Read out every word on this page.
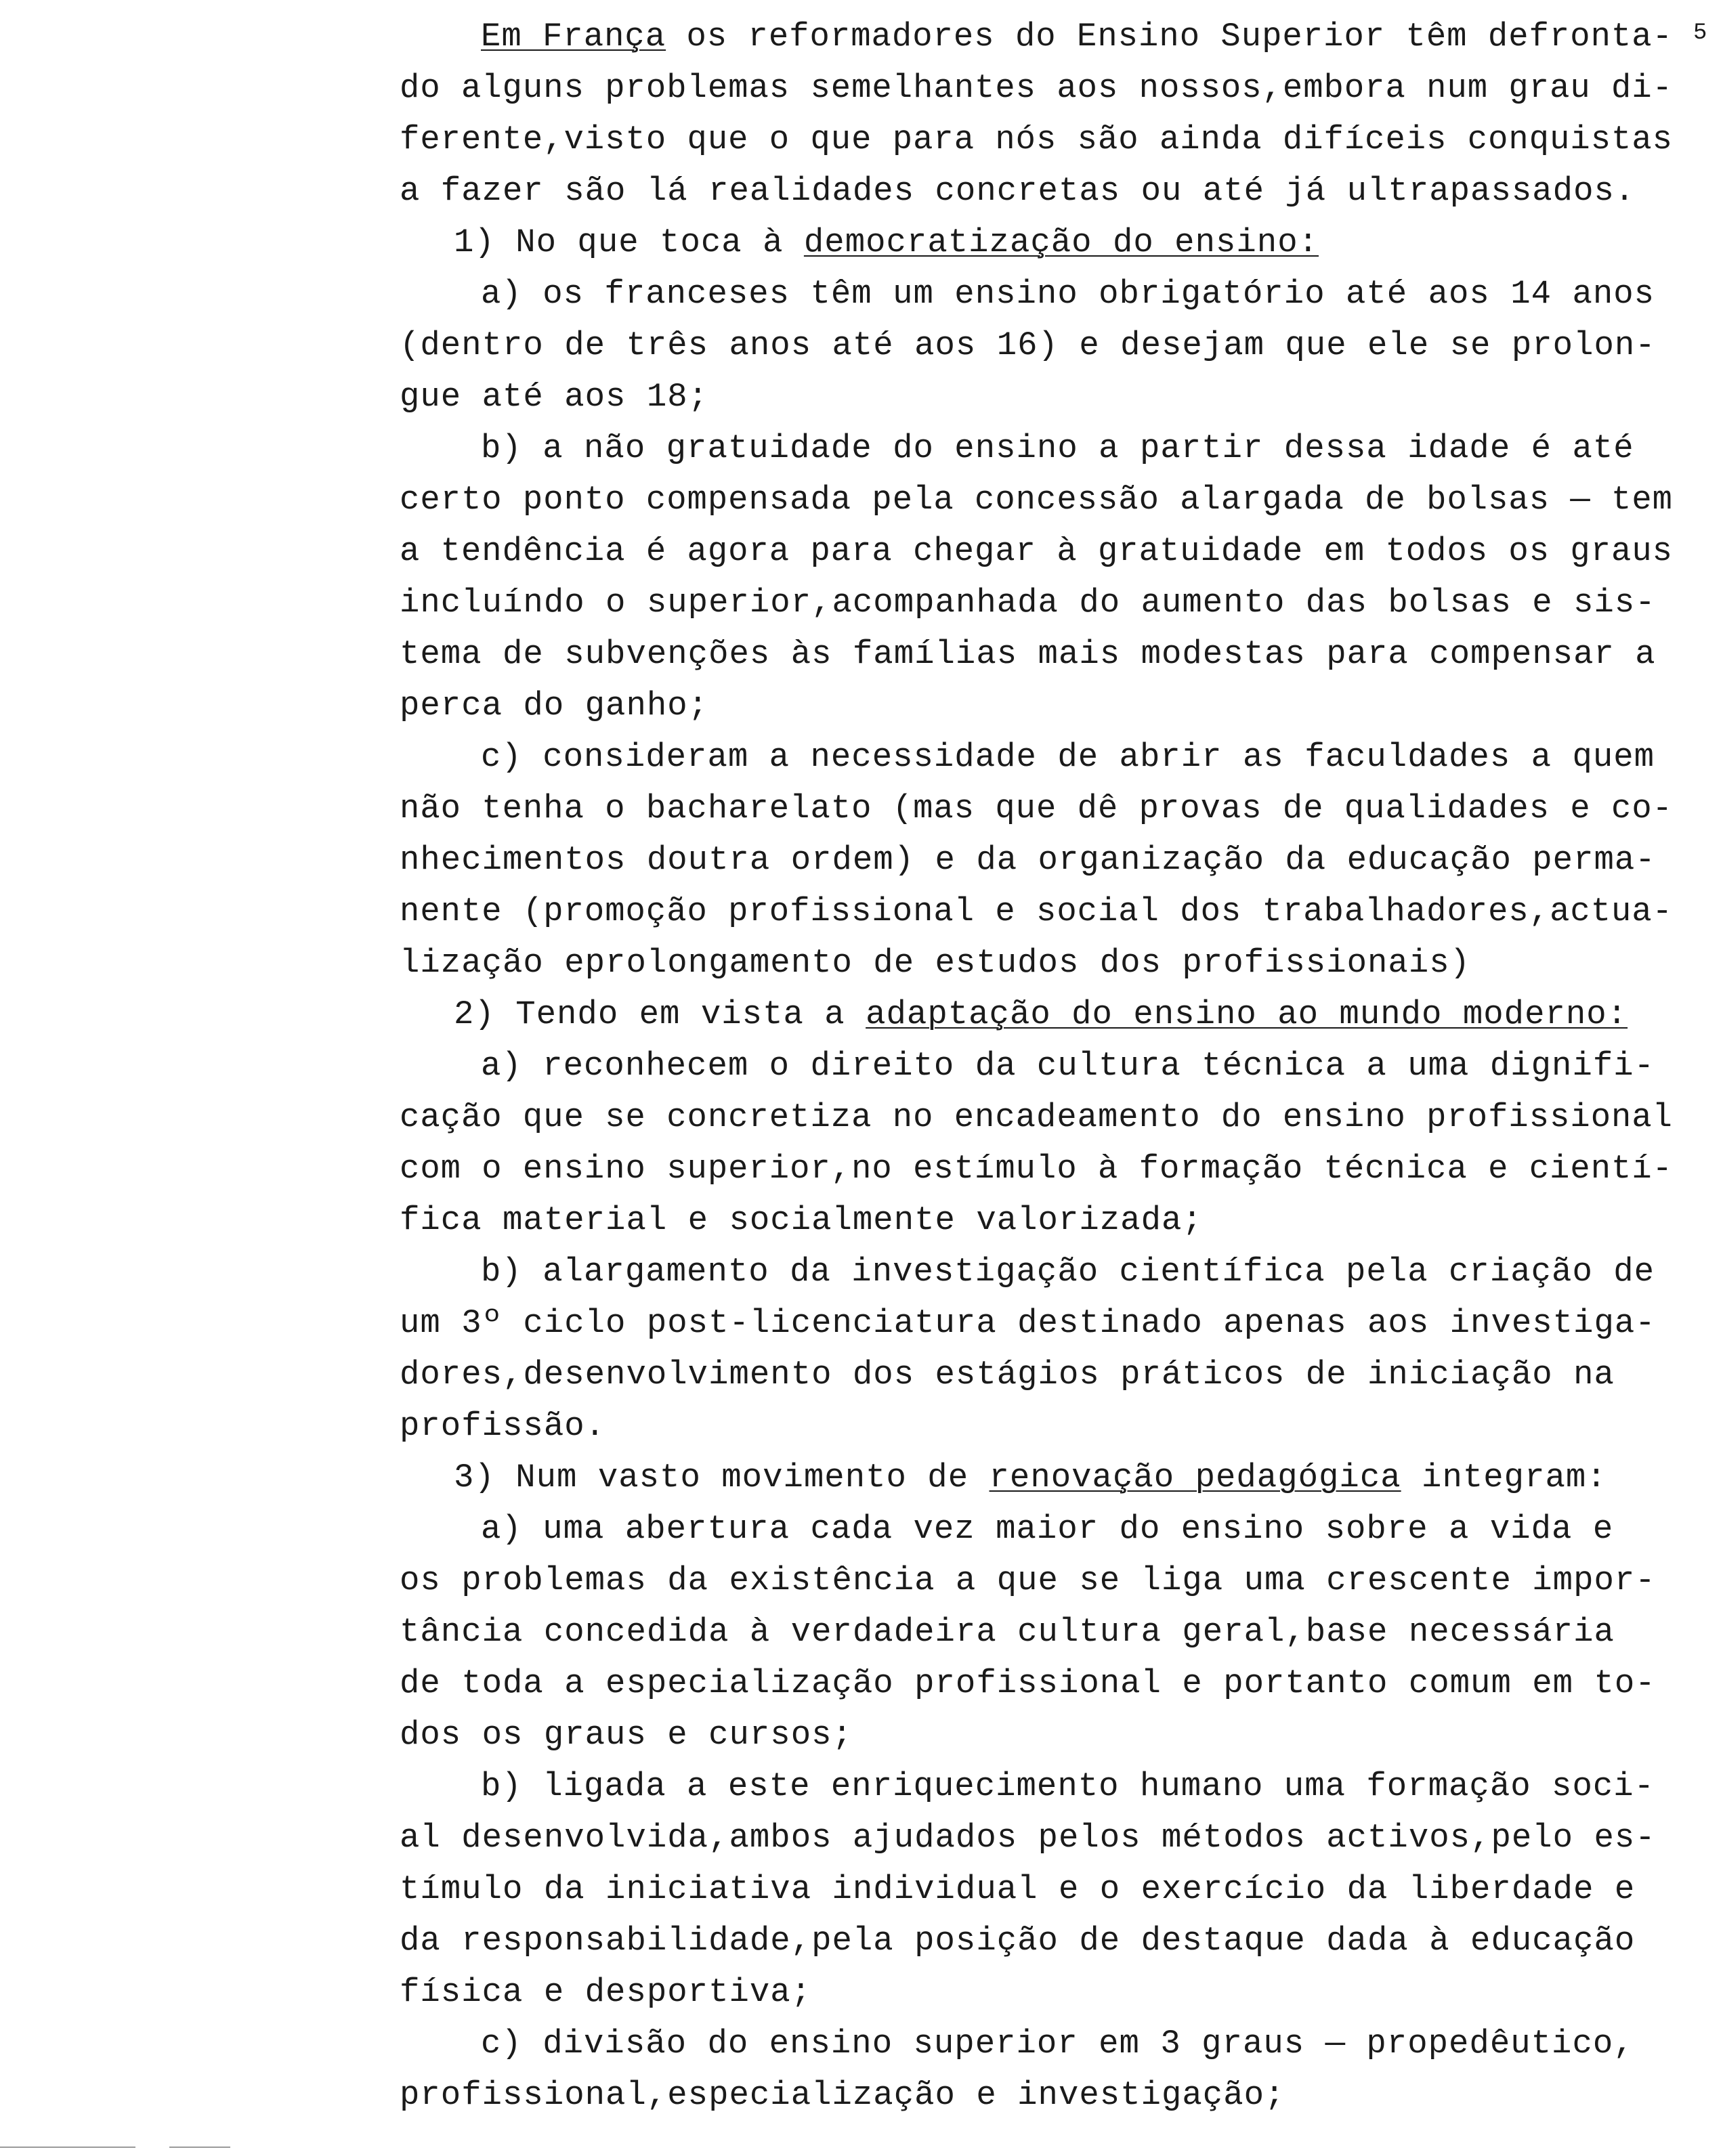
5
Em França os reformadores do Ensino Superior têm defronta-
do alguns problemas semelhantes aos nossos,embora num grau di-
ferente,visto que o que para nós são ainda difíceis conquistas
a fazer são lá realidades concretas ou até já ultrapassados.
1) No que toca à democratização do ensino:
a) os franceses têm um ensino obrigatório até aos 14 anos
(dentro de três anos até aos 16) e desejam que ele se prolon-
gue até aos 18;
b) a não gratuidade do ensino a partir dessa idade é até
certo ponto compensada pela concessão alargada de bolsas — tem
a tendência é agora para chegar à gratuidade em todos os graus
incluíndo o superior,acompanhada do aumento das bolsas e sis-
tema de subvenções às famílias mais modestas para compensar a
perca do ganho;
c) consideram a necessidade de abrir as faculdades a quem
não tenha o bacharelato (mas que dê provas de qualidades e co-
nhecimentos doutra ordem) e da organização da educação perma-
nente (promoção profissional e social dos trabalhadores,actua-
lização eprolongamento de estudos dos profissionais)
2) Tendo em vista a adaptação do ensino ao mundo moderno:
a) reconhecem o direito da cultura técnica a uma dignifi-
cação que se concretiza no encadeamento do ensino profissional
com o ensino superior,no estímulo à formação técnica e cientí-
fica material e socialmente valorizada;
b) alargamento da investigação científica pela criação de
um 3º ciclo post-licenciatura destinado apenas aos investiga-
dores,desenvolvimento dos estágios práticos de iniciação na
profissão.
3) Num vasto movimento de renovação pedagógica integram:
a) uma abertura cada vez maior do ensino sobre a vida e
os problemas da existência a que se liga uma crescente impor-
tância concedida à verdadeira cultura geral,base necessária
de toda a especialização profissional e portanto comum em to-
dos os graus e cursos;
b) ligada a este enriquecimento humano uma formação soci-
al desenvolvida,ambos ajudados pelos métodos activos,pelo es-
tímulo da iniciativa individual e o exercício da liberdade e
da responsabilidade,pela posição de destaque dada à educação
física e desportiva;
c) divisão do ensino superior em 3 graus — propedêutico,
profissional,especialização e investigação;
